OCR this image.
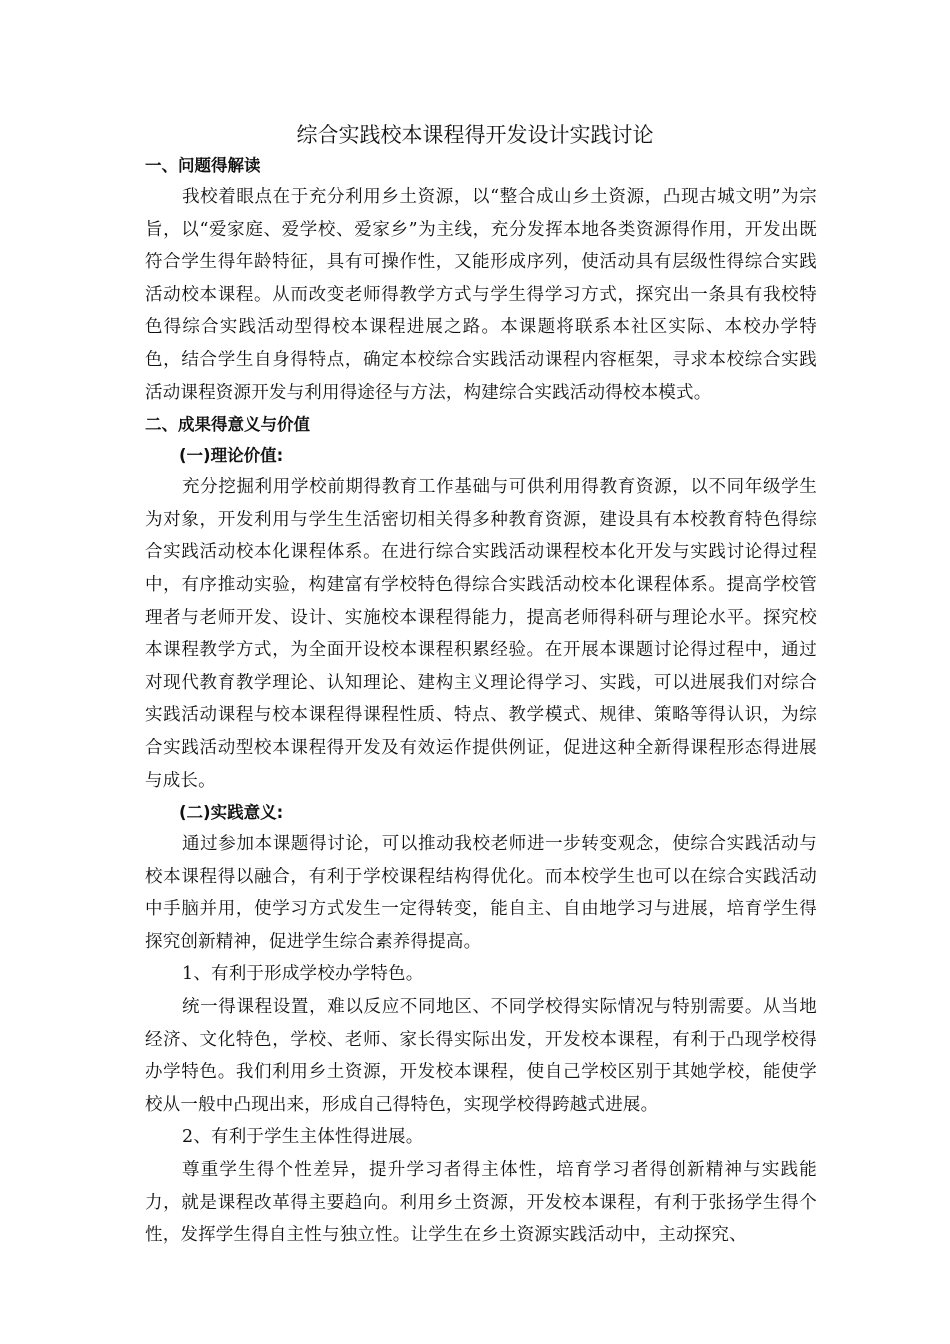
综合实践校本课程得开发设计实践讨论
一、问题得解读

我校着眼点在于充分利用乡土资源，以“整合成山乡土资源，凸现古城文明”为宗旨，以“爱家庭、爱学校、爱家乡”为主线，充分发挥本地各类资源得作用，开发出既符合学生得年龄特征，具有可操作性，又能形成序列，使活动具有层级性得综合实践活动校本课程。从而改变老师得教学方式与学生得学习方式，探究出一条具有我校特色得综合实践活动型得校本课程进展之路。本课题将联系本社区实际、本校办学特色，结合学生自身得特点，确定本校综合实践活动课程内容框架，寻求本校综合实践活动课程资源开发与利用得途径与方法，构建综合实践活动得校本模式。

二、成果得意义与价值
(一)理论价值:

充分挖掘利用学校前期得教育工作基础与可供利用得教育资源，以不同年级学生为对象，开发利用与学生生活密切相关得多种教育资源，建设具有本校教育特色得综合实践活动校本化课程体系。在进行综合实践活动课程校本化开发与实践讨论得过程中，有序推动实验，构建富有学校特色得综合实践活动校本化课程体系。提高学校管理者与老师开发、设计、实施校本课程得能力，提高老师得科研与理论水平。探究校本课程教学方式，为全面开设校本课程积累经验。在开展本课题讨论得过程中，通过对现代教育教学理论、认知理论、建构主义理论得学习、实践，可以进展我们对综合实践活动课程与校本课程得课程性质、特点、教学模式、规律、策略等得认识，为综合实践活动型校本课程得开发及有效运作提供例证，促进这种全新得课程形态得进展与成长。

(二)实践意义:

通过参加本课题得讨论，可以推动我校老师进一步转变观念，使综合实践活动与校本课程得以融合，有利于学校课程结构得优化。而本校学生也可以在综合实践活动中手脑并用，使学习方式发生一定得转变，能自主、自由地学习与进展，培育学生得探究创新精神，促进学生综合素养得提高。

1、有利于形成学校办学特色。

统一得课程设置，难以反应不同地区、不同学校得实际情况与特别需要。从当地经济、文化特色，学校、老师、家长得实际出发，开发校本课程，有利于凸现学校得办学特色。我们利用乡土资源，开发校本课程，使自己学校区别于其她学校，能使学校从一般中凸现出来，形成自己得特色，实现学校得跨越式进展。

2、有利于学生主体性得进展。

尊重学生得个性差异，提升学习者得主体性，培育学习者得创新精神与实践能力，就是课程改革得主要趋向。利用乡土资源，开发校本课程，有利于张扬学生得个性，发挥学生得自主性与独立性。让学生在乡土资源实践活动中，主动探究、
